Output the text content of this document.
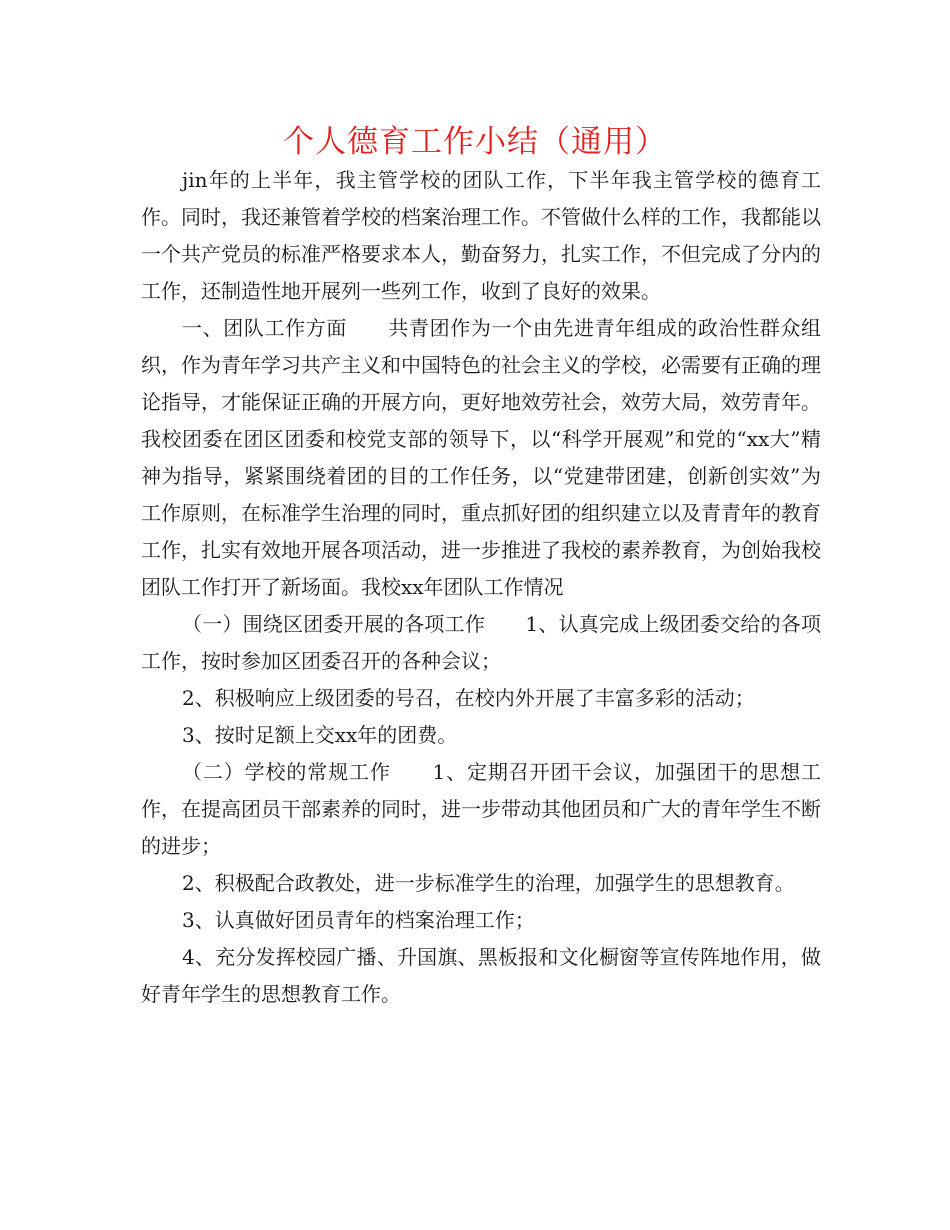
个人德育工作小结（通用）

jin年的上半年，我主管学校的团队工作，下半年我主管学校的德育工作。同时，我还兼管着学校的档案治理工作。不管做什么样的工作，我都能以一个共产党员的标准严格要求本人，勤奋努力，扎实工作，不但完成了分内的工作，还制造性地开展列一些列工作，收到了良好的效果。

一、团队工作方面　　共青团作为一个由先进青年组成的政治性群众组织，作为青年学习共产主义和中国特色的社会主义的学校，必需要有正确的理论指导，才能保证正确的开展方向，更好地效劳社会，效劳大局，效劳青年。我校团委在团区团委和校党支部的领导下，以“科学开展观”和党的“xx大”精神为指导，紧紧围绕着团的目的工作任务，以“党建带团建，创新创实效”为工作原则，在标准学生治理的同时，重点抓好团的组织建立以及青青年的教育工作，扎实有效地开展各项活动，进一步推进了我校的素养教育，为创始我校团队工作打开了新场面。我校xx年团队工作情况

（一）围绕区团委开展的各项工作　　1、认真完成上级团委交给的各项工作，按时参加区团委召开的各种会议；

2、积极响应上级团委的号召，在校内外开展了丰富多彩的活动；

3、按时足额上交xx年的团费。

（二）学校的常规工作　　1、定期召开团干会议，加强团干的思想工作，在提高团员干部素养的同时，进一步带动其他团员和广大的青年学生不断的进步；

2、积极配合政教处，进一步标准学生的治理，加强学生的思想教育。

3、认真做好团员青年的档案治理工作；

4、充分发挥校园广播、升国旗、黑板报和文化橱窗等宣传阵地作用，做好青年学生的思想教育工作。
